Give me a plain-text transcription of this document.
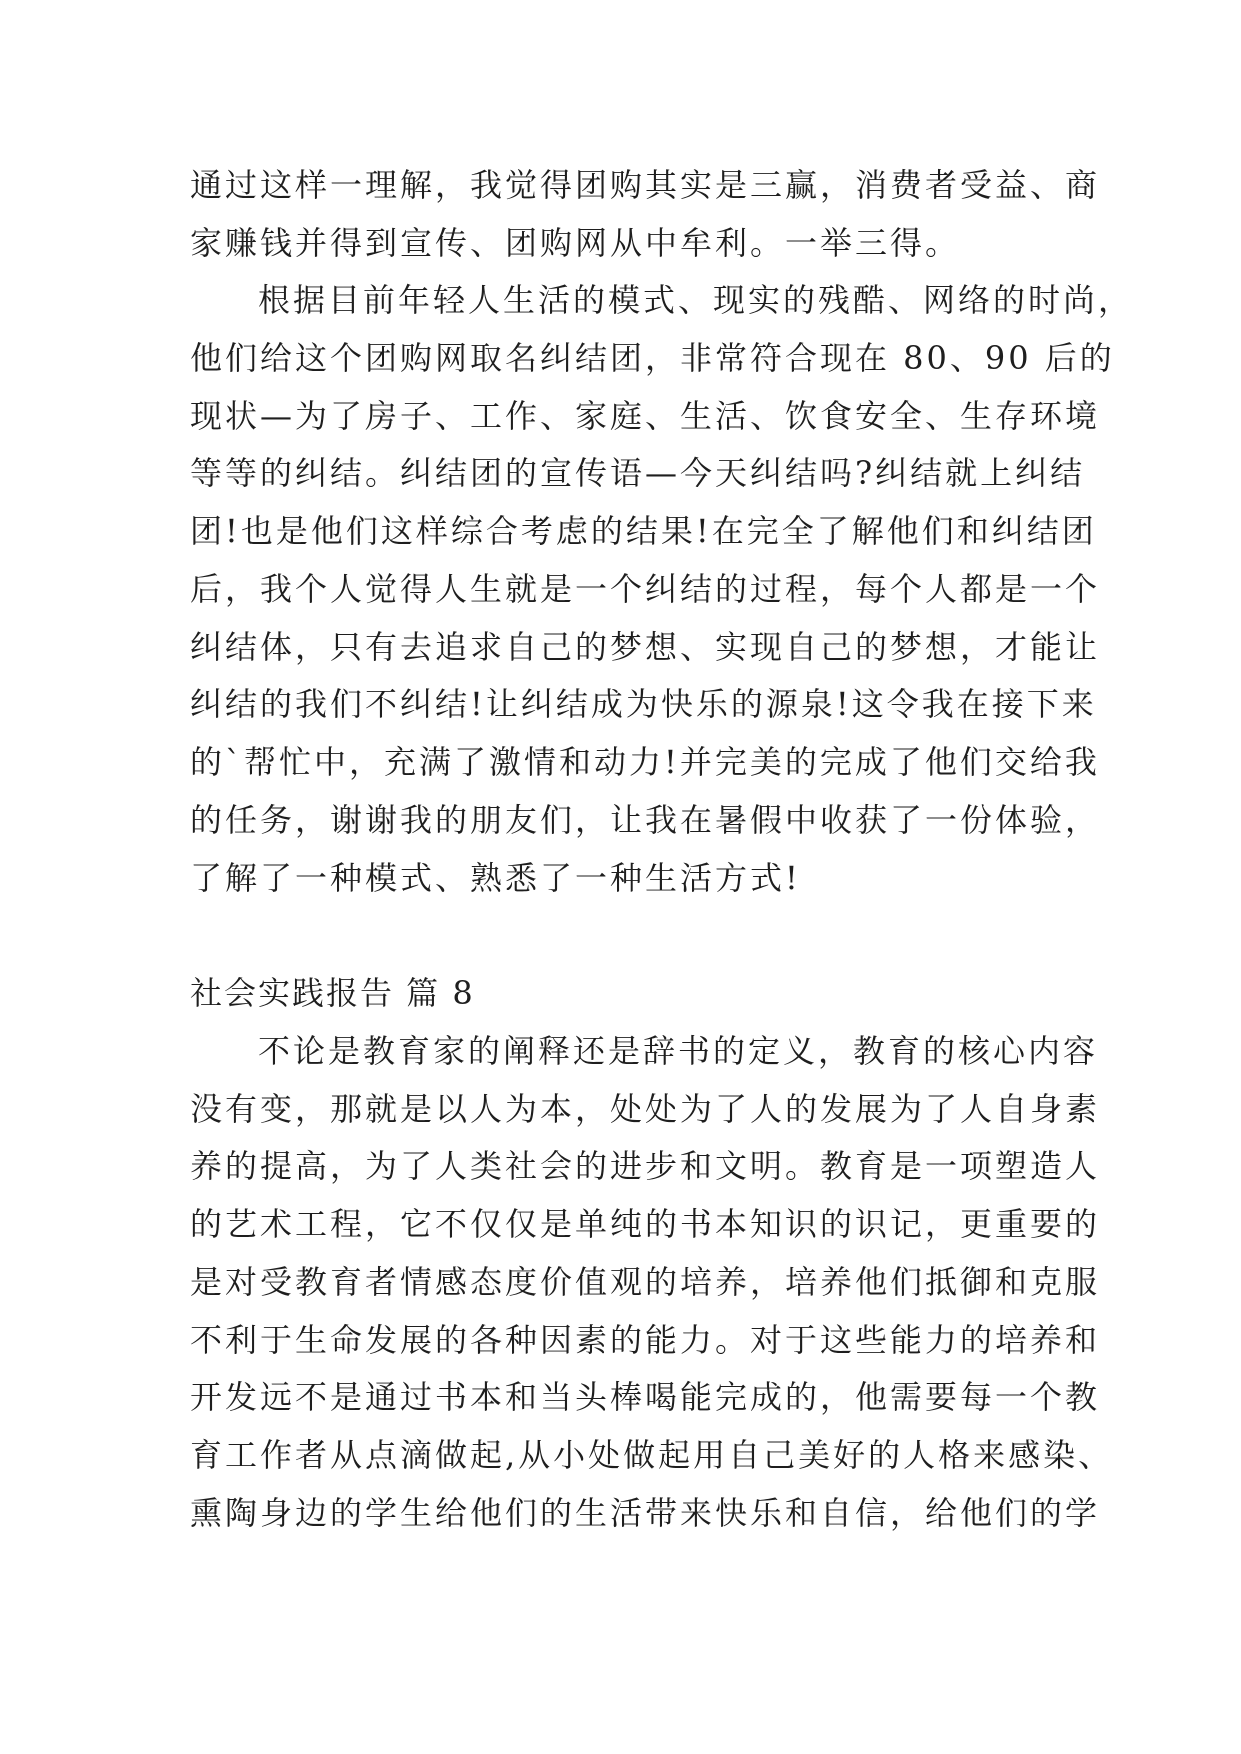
通过这样一理解，我觉得团购其实是三赢，消费者受益、商
家赚钱并得到宣传、团购网从中牟利。一举三得。
根据目前年轻人生活的模式、现实的残酷、网络的时尚，
他们给这个团购网取名纠结团，非常符合现在 80、90 后的
现状—为了房子、工作、家庭、生活、饮食安全、生存环境
等等的纠结。纠结团的宣传语—今天纠结吗?纠结就上纠结
团!也是他们这样综合考虑的结果!在完全了解他们和纠结团
后，我个人觉得人生就是一个纠结的过程，每个人都是一个
纠结体，只有去追求自己的梦想、实现自己的梦想，才能让
纠结的我们不纠结!让纠结成为快乐的源泉!这令我在接下来
的`帮忙中，充满了激情和动力!并完美的完成了他们交给我
的任务，谢谢我的朋友们，让我在暑假中收获了一份体验，
了解了一种模式、熟悉了一种生活方式!
社会实践报告 篇 8
不论是教育家的阐释还是辞书的定义，教育的核心内容
没有变，那就是以人为本，处处为了人的发展为了人自身素
养的提高，为了人类社会的进步和文明。教育是一项塑造人
的艺术工程，它不仅仅是单纯的书本知识的识记，更重要的
是对受教育者情感态度价值观的培养，培养他们抵御和克服
不利于生命发展的各种因素的能力。对于这些能力的培养和
开发远不是通过书本和当头棒喝能完成的，他需要每一个教
育工作者从点滴做起,从小处做起用自己美好的人格来感染、
熏陶身边的学生给他们的生活带来快乐和自信，给他们的学
